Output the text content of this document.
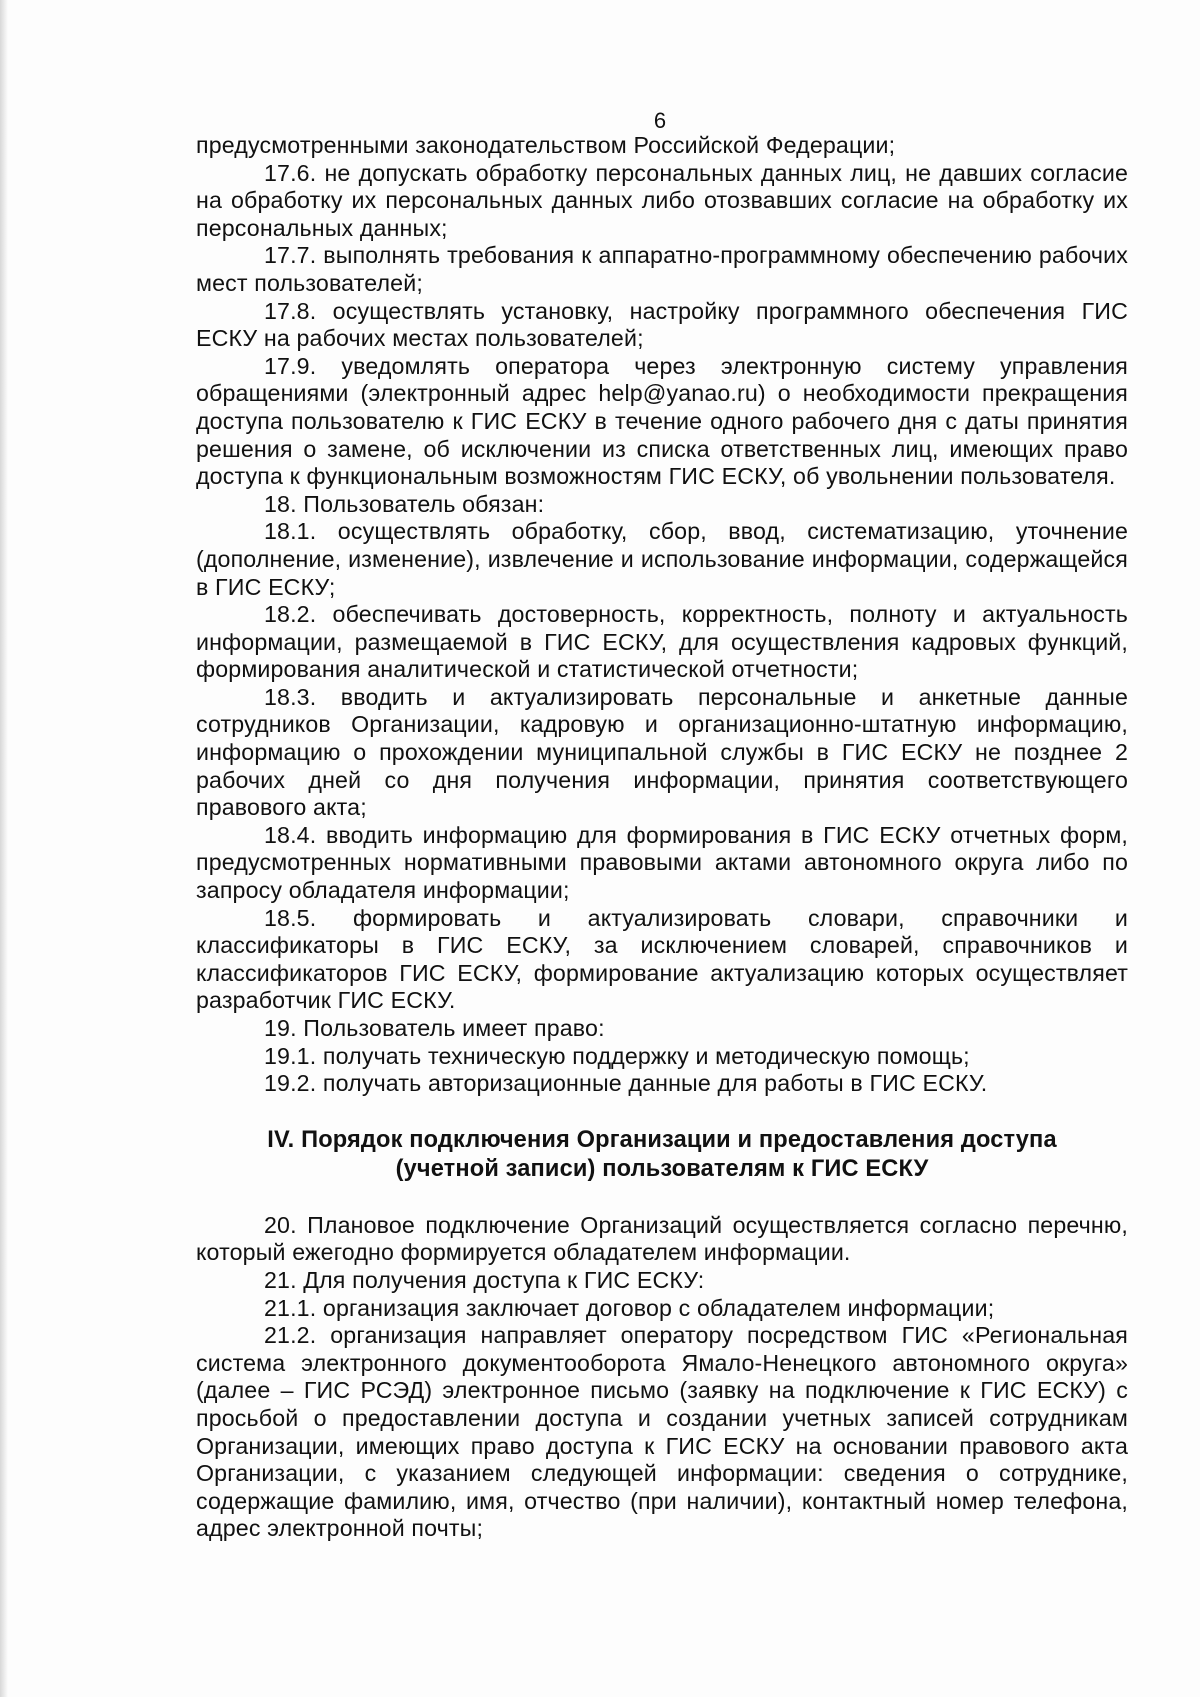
6

предусмотренными законодательством Российской Федерации;

17.6. не допускать обработку персональных данных лиц, не давших согласие на обработку их персональных данных либо отозвавших согласие на обработку их персональных данных;

17.7. выполнять требования к аппаратно-программному обеспечению рабочих мест пользователей;

17.8. осуществлять установку, настройку программного обеспечения ГИС ЕСКУ на рабочих местах пользователей;

17.9. уведомлять оператора через электронную систему управления обращениями (электронный адрес help@yanao.ru) о необходимости прекращения доступа пользователю к ГИС ЕСКУ в течение одного рабочего дня с даты принятия решения о замене, об исключении из списка ответственных лиц, имеющих право доступа к функциональным возможностям ГИС ЕСКУ, об увольнении пользователя.

18. Пользователь обязан:

18.1. осуществлять обработку, сбор, ввод, систематизацию, уточнение (дополнение, изменение), извлечение и использование информации, содержащейся в ГИС ЕСКУ;

18.2. обеспечивать достоверность, корректность, полноту и актуальность информации, размещаемой в ГИС ЕСКУ, для осуществления кадровых функций, формирования аналитической и статистической отчетности;

18.3. вводить и актуализировать персональные и анкетные данные сотрудников Организации, кадровую и организационно-штатную информацию, информацию о прохождении муниципальной службы в ГИС ЕСКУ не позднее 2 рабочих дней со дня получения информации, принятия соответствующего правового акта;

18.4. вводить информацию для формирования в ГИС ЕСКУ отчетных форм, предусмотренных нормативными правовыми актами автономного округа либо по запросу обладателя информации;

18.5. формировать и актуализировать словари, справочники и классификаторы в ГИС ЕСКУ, за исключением словарей, справочников и классификаторов ГИС ЕСКУ, формирование актуализацию которых осуществляет разработчик ГИС ЕСКУ.

19. Пользователь имеет право:

19.1. получать техническую поддержку и методическую помощь;

19.2. получать авторизационные данные для работы в ГИС ЕСКУ.

IV. Порядок подключения Организации и предоставления доступа
(учетной записи) пользователям к ГИС ЕСКУ

20. Плановое подключение Организаций осуществляется согласно перечню, который ежегодно формируется обладателем информации.

21. Для получения доступа к ГИС ЕСКУ:

21.1. организация заключает договор с обладателем информации;

21.2. организация направляет оператору посредством ГИС «Региональная система электронного документооборота Ямало-Ненецкого автономного округа» (далее – ГИС РСЭД) электронное письмо (заявку на подключение к ГИС ЕСКУ) с просьбой о предоставлении доступа и создании учетных записей сотрудникам Организации, имеющих право доступа к ГИС ЕСКУ на основании правового акта Организации, с указанием следующей информации: сведения о сотруднике, содержащие фамилию, имя, отчество (при наличии), контактный номер телефона, адрес электронной почты;
